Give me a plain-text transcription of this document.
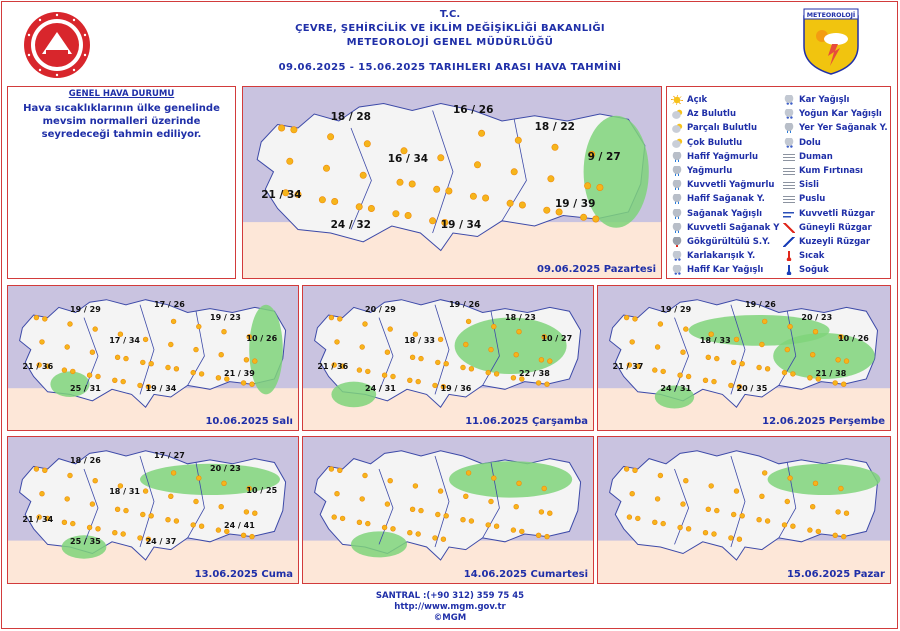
T.C.
ÇEVRE, ŞEHİRCİLİK VE İKLİM DEĞİŞİKLİĞİ BAKANLIĞI
METEOROLOJİ GENEL MÜDÜRLÜĞÜ
09.06.2025 - 15.06.2025 TARIHLERI ARASI HAVA TAHMİNİ
METEOROLOJİ
GENEL HAVA DURUMU
Hava sıcaklıklarının ülke genelinde mevsim normalleri üzerinde seyredeceği tahmin ediliyor.
09.06.2025 Pazartesi
18 / 28
16 / 26
18 / 22
16 / 34	9 / 27
21 / 34
19 / 39
24 / 32	19 / 34
10.06.2025 Salı
19 / 29
17 / 26
19 / 23
17 / 34	10 / 26
21 / 36
21 / 39
25 / 31	19 / 34
11.06.2025 Çarşamba
20 / 29
19 / 26
18 / 23
18 / 33	10 / 27
21 / 36
22 / 38
24 / 31	19 / 36
12.06.2025 Perşembe
19 / 29
19 / 26
20 / 23
18 / 33	10 / 26
21 / 37
21 / 38
24 / 31	20 / 35
13.06.2025 Cuma
18 / 26
17 / 27
20 / 23
18 / 31	10 / 25
21 / 34
24 / 41
25 / 35	24 / 37
14.06.2025 Cumartesi	15.06.2025 Pazar
Açık
Az Bulutlu
Parçalı Bulutlu
Çok Bulutlu
Hafif Yağmurlu
Yağmurlu
Kuvvetli Yağmurlu
Hafif Sağanak Y.
Sağanak Yağışlı
Kuvvetli Sağanak Y
Gökgürültülü S.Y.
Karlakarışık Y.
Hafif Kar Yağışlı
Kar Yağışlı
Yoğun Kar Yağışlı
Yer Yer Sağanak Y.
Dolu
Duman
Kum Fırtınası
Sisli
Puslu
Kuvvetli Rüzgar
Güneyli Rüzgar
Kuzeyli Rüzgar
Sıcak
Soğuk
SANTRAL :(+90 312) 359 75 45
http://www.mgm.gov.tr
©MGM
